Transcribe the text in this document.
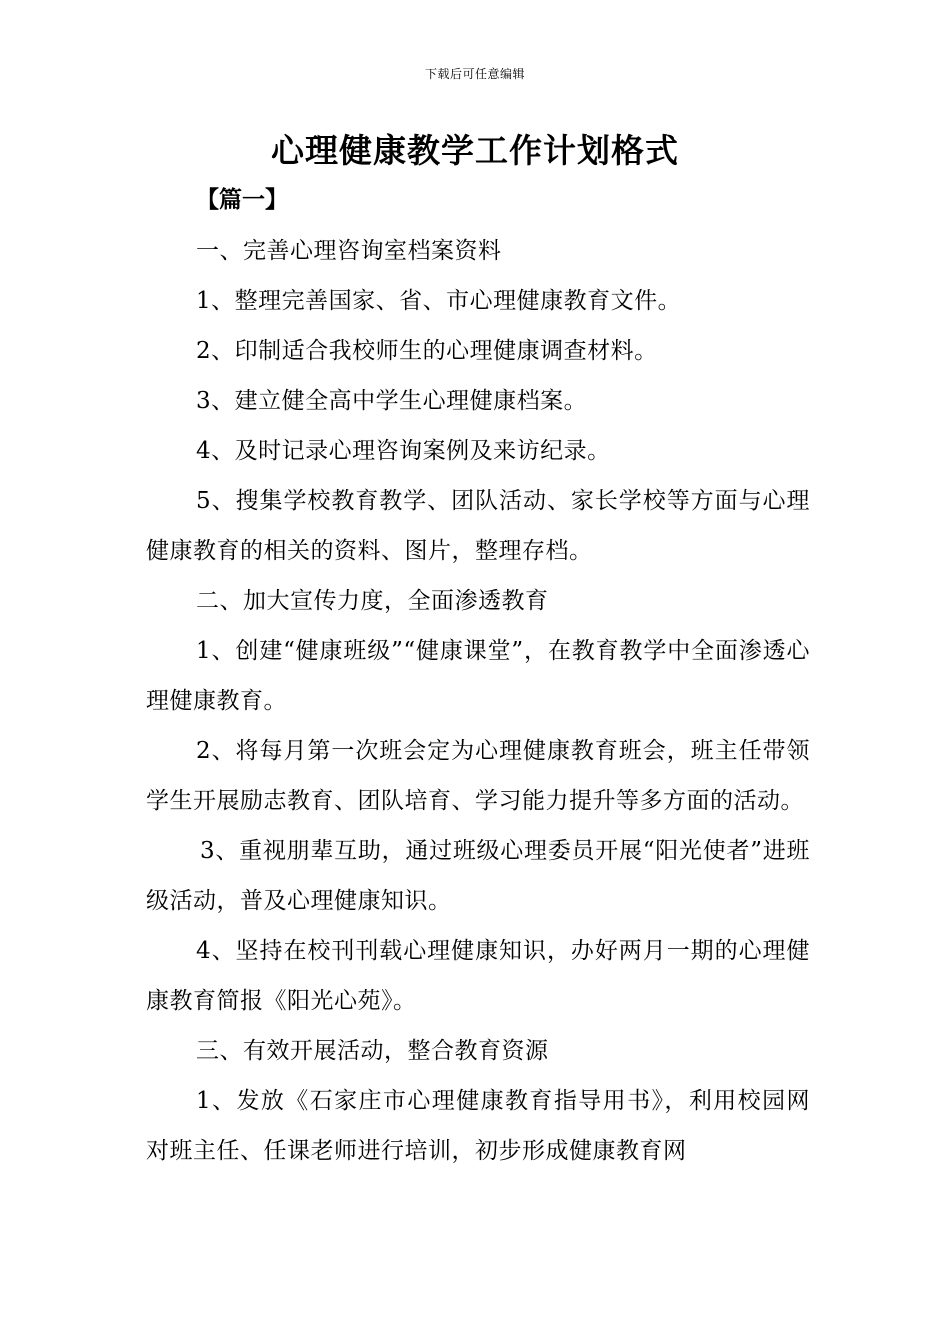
下载后可任意编辑
心理健康教学工作计划格式
【篇一】

一、完善心理咨询室档案资料

1、整理完善国家、省、市心理健康教育文件。

2、印制适合我校师生的心理健康调查材料。

3、建立健全高中学生心理健康档案。

4、及时记录心理咨询案例及来访纪录。

5、搜集学校教育教学、团队活动、家长学校等方面与心理健康教育的相关的资料、图片，整理存档。

二、加大宣传力度，全面渗透教育

1、创建“健康班级”“健康课堂”，在教育教学中全面渗透心理健康教育。

2、将每月第一次班会定为心理健康教育班会，班主任带领学生开展励志教育、团队培育、学习能力提升等多方面的活动。

3、重视朋辈互助，通过班级心理委员开展“阳光使者”进班级活动，普及心理健康知识。

4、坚持在校刊刊载心理健康知识，办好两月一期的心理健康教育简报《阳光心苑》。

三、有效开展活动，整合教育资源

1、发放《石家庄市心理健康教育指导用书》，利用校园网对班主任、任课老师进行培训，初步形成健康教育网
